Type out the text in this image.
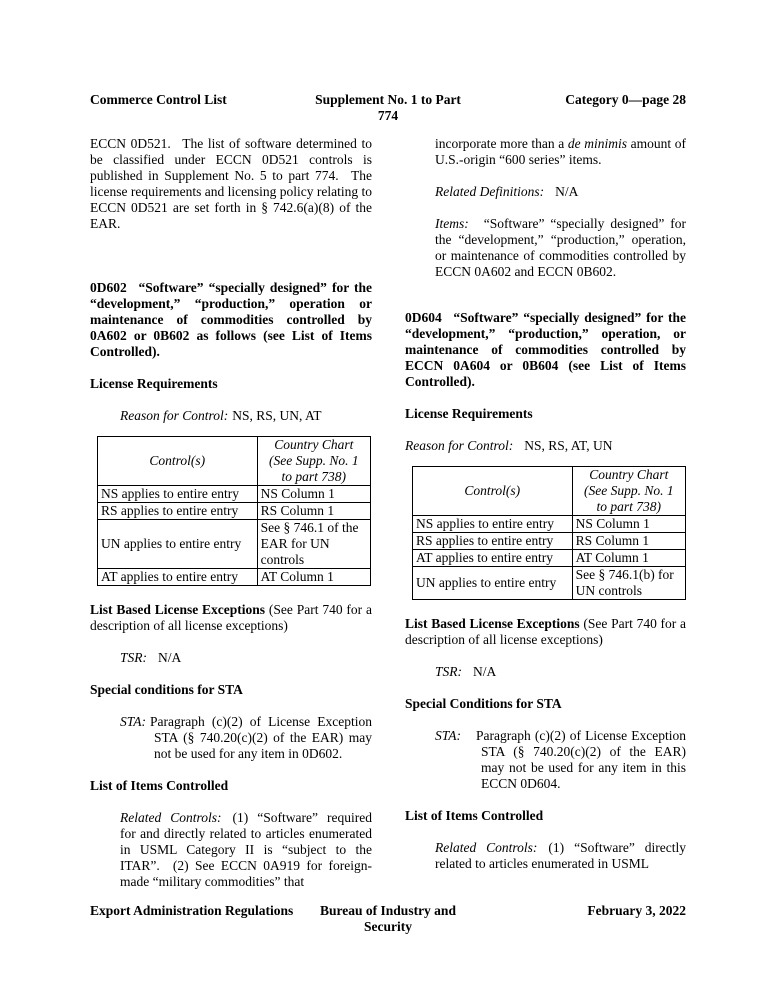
Commerce Control List	Supplement No. 1 to Part 774
Category 0—page 28

ECCN 0D521.  The list of software determined to be classified under ECCN 0D521 controls is published in Supplement No. 5 to part 774.  The license requirements and licensing policy relating to ECCN 0D521 are set forth in § 742.6(a)(8) of the EAR.

0D602  “Software” “specially designed” for the “development,” “production,” operation or maintenance of commodities controlled by 0A602 or 0B602 as follows (see List of Items Controlled).

License Requirements

Reason for Control: NS, RS, UN, AT

Control(s)	Country Chart
(See Supp. No. 1
to part 738)

NS applies to entire entry	NS Column 1
RS applies to entire entry	RS Column 1
UN applies to entire entry	See § 746.1 of the EAR for UN controls
AT applies to entire entry	AT Column 1

List Based License Exceptions (See Part 740 for a description of all license exceptions)

TSR: N/A

Special conditions for STA

STA: Paragraph (c)(2) of License Exception STA (§ 740.20(c)(2) of the EAR) may not be used for any item in 0D602.

List of Items Controlled

Related Controls: (1) “Software” required for and directly related to articles enumerated in USML Category II is “subject to the ITAR”.  (2) See ECCN 0A919 for foreign-made “military commodities” that

incorporate more than a de minimis amount of U.S.-origin “600 series” items.

Related Definitions: N/A

Items: “Software” “specially designed” for the “development,” “production,” operation, or maintenance of commodities controlled by ECCN 0A602 and ECCN 0B602.

0D604  “Software” “specially designed” for the “development,” “production,” operation, or maintenance of commodities controlled by ECCN 0A604 or 0B604 (see List of Items Controlled).

License Requirements

Reason for Control: NS, RS, AT, UN

Control(s)	Country Chart
(See Supp. No. 1
to part 738)

NS applies to entire entry	NS Column 1
RS applies to entire entry	RS Column 1
AT applies to entire entry	AT Column 1
UN applies to entire entry	See § 746.1(b) for UN controls

List Based License Exceptions (See Part 740 for a description of all license exceptions)

TSR: N/A

Special Conditions for STA

STA: Paragraph (c)(2) of License Exception STA (§ 740.20(c)(2) of the EAR) may not be used for any item in this ECCN 0D604.

List of Items Controlled

Related Controls: (1) “Software” directly related to articles enumerated in USML

Export Administration Regulations	Bureau of Industry and Security
February 3, 2022
